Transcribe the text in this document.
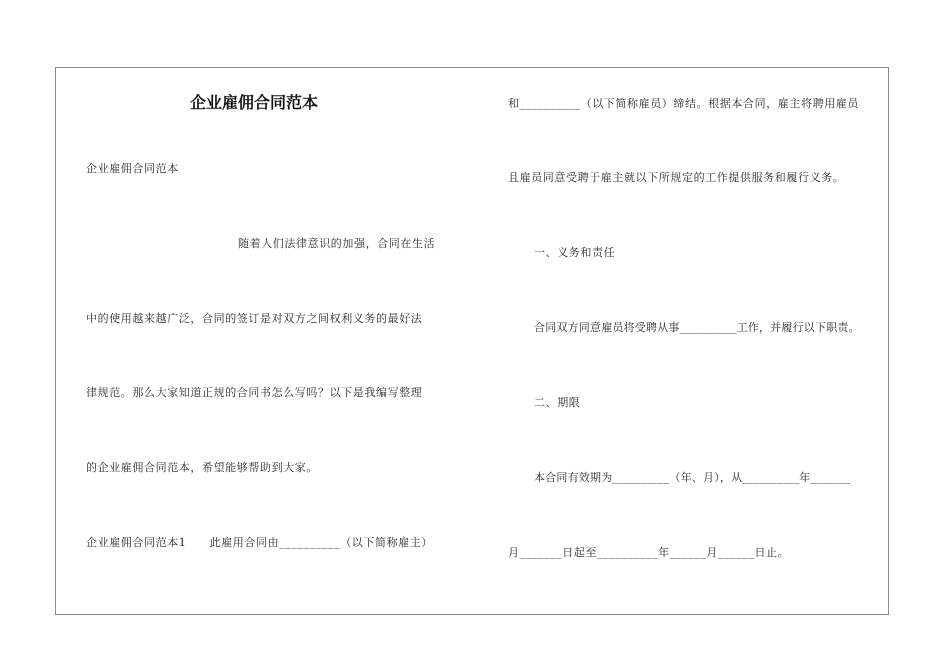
企业雇佣合同范本
企业雇佣合同范本
随着人们法律意识的加强，合同在生活
中的使用越来越广泛，合同的签订是对双方之间权利义务的最好法
律规范。那么大家知道正规的合同书怎么写吗？以下是我编写整理
的企业雇佣合同范本，希望能够帮助到大家。
企业雇佣合同范本1　　此雇用合同由__________（以下简称雇主）
和__________（以下简称雇员）缔结。根据本合同，雇主将聘用雇员
且雇员同意受聘于雇主就以下所规定的工作提供服务和履行义务。
一、义务和责任
合同双方同意雇员将受聘从事__________工作，并履行以下职责。
二、期限
本合同有效期为__________（年、月），从__________年_______
月_______日起至__________年______月______日止。
